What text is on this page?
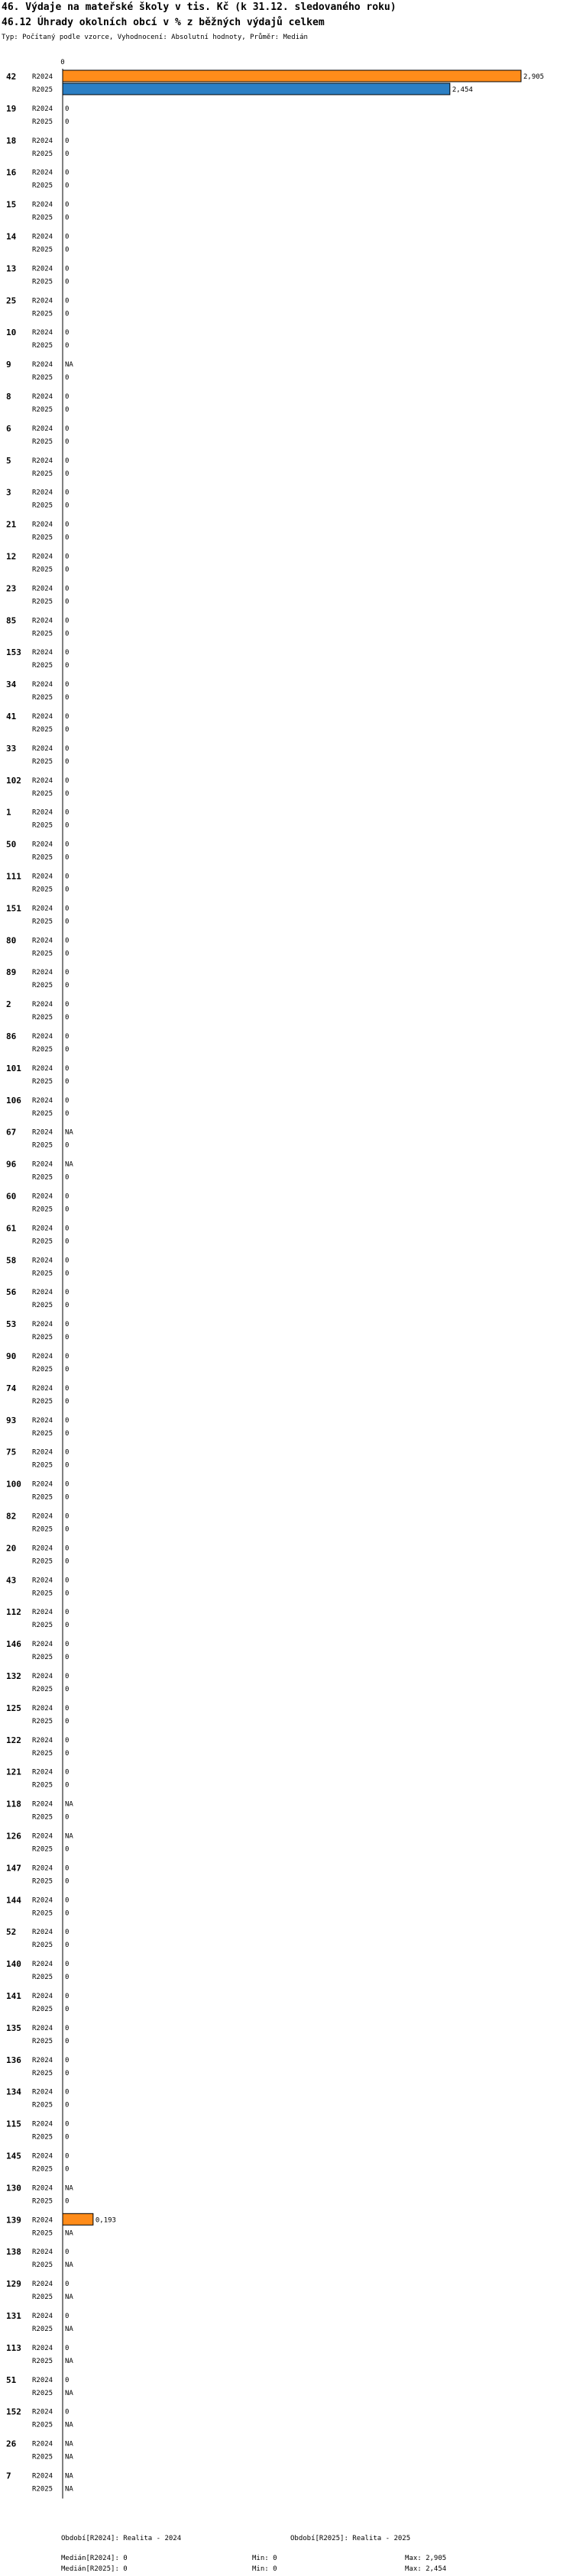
46. Výdaje na mateřské školy v tis. Kč (k 31.12. sledovaného roku)
46.12 Úhrady okolních obcí v % z běžných výdajů celkem
Typ: Počítaný podle vzorce, Vyhodnocení: Absolutní hodnoty, Průměr: Medián
0
42 R2024	2,905
R2025	2,454
19 R2024 0
R2025 0
18 R2024 0
R2025 0
16 R2024 0
R2025 0
15 R2024 0
R2025 0
14 R2024 0
R2025 0
13 R2024 0
R2025 0
25 R2024 0
R2025 0
10 R2024 0
R2025 0
9	R2024 NA
R2025 0
8	R2024 0
R2025 0
6	R2024 0
R2025 0
5	R2024 0
R2025 0
3	R2024 0
R2025 0
21 R2024 0
R2025 0
12 R2024 0
R2025 0
23 R2024 0
R2025 0
85 R2024 0
R2025 0
153 R2024 0
R2025 0
34 R2024 0
R2025 0
41 R2024 0
R2025 0
33 R2024 0
R2025 0
102 R2024 0
R2025 0
1	R2024 0
R2025 0
50 R2024 0
R2025 0
111 R2024 0
R2025 0
151 R2024 0
R2025 0
80 R2024 0
R2025 0
89 R2024 0
R2025 0
2	R2024 0
R2025 0
86 R2024 0
R2025 0
101 R2024 0
R2025 0
106 R2024 0
R2025 0
67 R2024 NA
R2025 0
96 R2024 NA
R2025 0
60 R2024 0
R2025 0
61 R2024 0
R2025 0
58 R2024 0
R2025 0
56 R2024 0
R2025 0
53 R2024 0
R2025 0
90 R2024 0
R2025 0
74 R2024 0
R2025 0
93 R2024 0
R2025 0
75 R2024 0
R2025 0
100 R2024 0
R2025 0
82 R2024 0
R2025 0
20 R2024 0
R2025 0
43 R2024 0
R2025 0
112 R2024 0
R2025 0
146 R2024 0
R2025 0
132 R2024 0
R2025 0
125 R2024 0
R2025 0
122 R2024 0
R2025 0
121 R2024 0
R2025 0
118 R2024 NA
R2025 0
126 R2024 NA
R2025 0
147 R2024 0
R2025 0
144 R2024 0
R2025 0
52 R2024 0
R2025 0
140 R2024 0
R2025 0
141 R2024 0
R2025 0
135 R2024 0
R2025 0
136 R2024 0
R2025 0
134 R2024 0
R2025 0
115 R2024 0
R2025 0
145 R2024 0
R2025 0
130 R2024 NA
R2025 0
139 R2024	0,193
R2025 NA
138 R2024 0
R2025 NA
129 R2024 0
R2025 NA
131 R2024 0
R2025 NA
113 R2024 0
R2025 NA
51 R2024 0
R2025 NA
152 R2024 0
R2025 NA
26 R2024 NA
R2025 NA
7	R2024 NA
R2025 NA
Období[R2024]: Realita - 2024	Období[R2025]: Realita - 2025
Medián[R2024]: 0	Min: 0	Max: 2,905
Medián[R2025]: 0	Min: 0	Max: 2,454
